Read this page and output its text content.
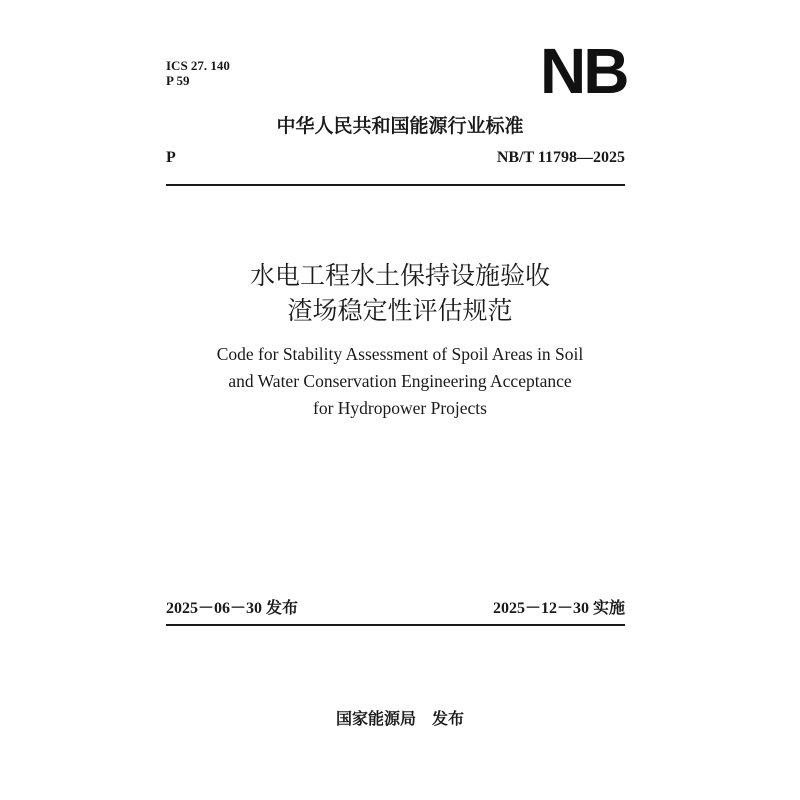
ICS 27. 140
P 59	NB
中华人民共和国能源行业标准
P	NB/T 11798—2025
水电工程水土保持设施验收
渣场稳定性评估规范
Code for Stability Assessment of Spoil Areas in Soil
and Water Conservation Engineering Acceptance
for Hydropower Projects
2025－06－30 发布	2025－12－30 实施
国家能源局　发布
